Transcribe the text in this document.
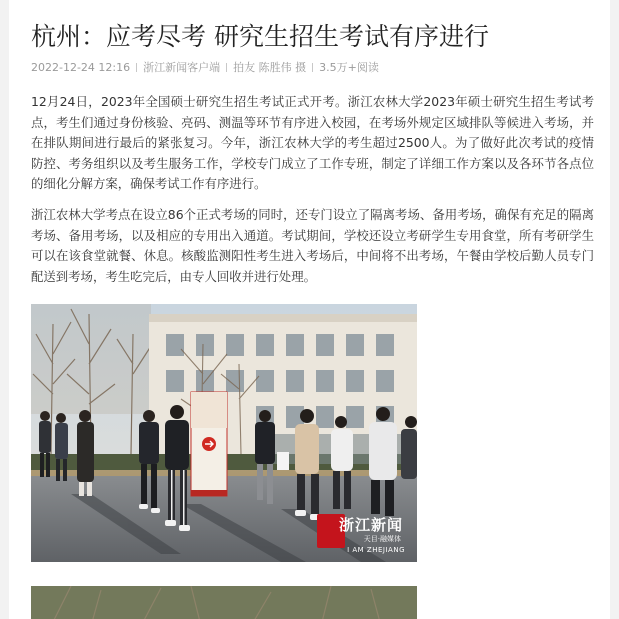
杭州：应考尽考 研究生招生考试有序进行
2022-12-24 12:16 浙江新闻客户端 拍友 陈胜伟 摄 3.5万+阅读

12月24日，2023年全国硕士研究生招生考试正式开考。浙江农林大学2023年硕士研究生招生考试考点，考生们通过身份核验、亮码、测温等环节有序进入校园，在考场外规定区域排队等候进入考场，并在排队期间进行最后的紧张复习。今年，浙江农林大学的考生超过2500人。为了做好此次考试的疫情防控、考务组织以及考生服务工作，学校专门成立了工作专班，制定了详细工作方案以及各环节各点位的细化分解方案，确保考试工作有序进行。

浙江农林大学考点在设立86个正式考场的同时，还专门设立了隔离考场、备用考场，确保有充足的隔离考场、备用考场，以及相应的专用出入通道。考试期间，学校还设立考研学生专用食堂，所有考研学生可以在该食堂就餐、休息。核酸监测阳性考生进入考场后，中间将不出考场，午餐由学校后勤人员专门配送到考场，考生吃完后，由专人回收并进行处理。

浙江新闻
天目·融媒体
I AM ZHEJIANG
